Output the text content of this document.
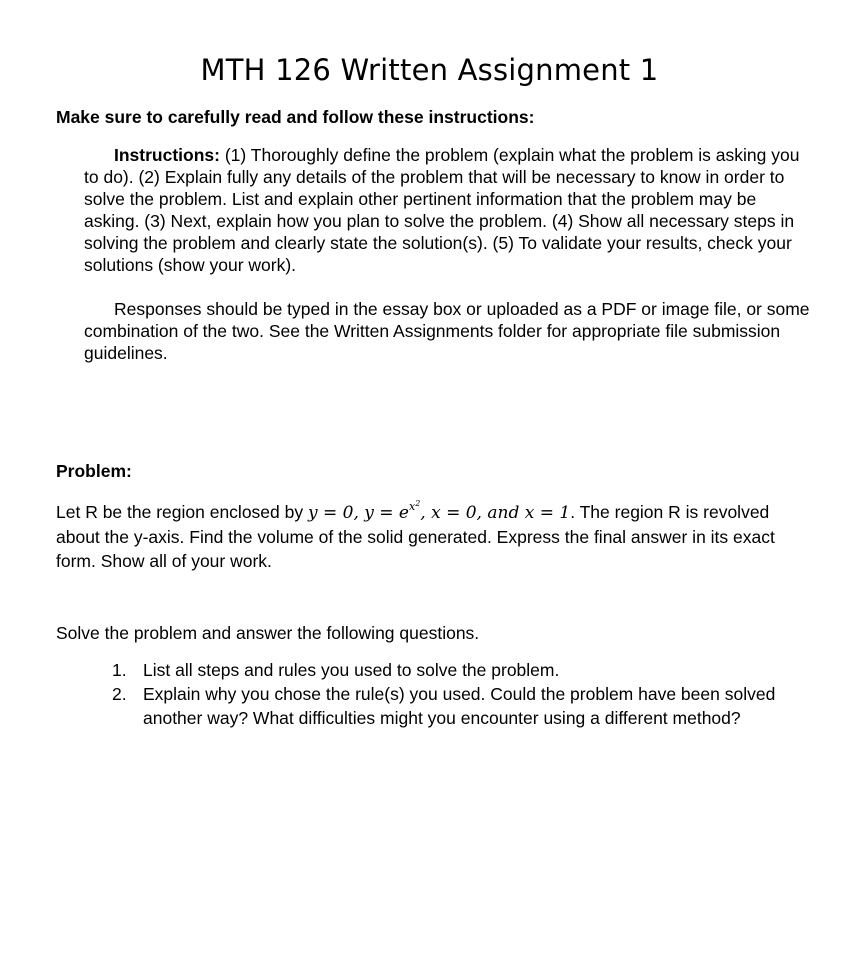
MTH 126 Written Assignment 1
Make sure to carefully read and follow these instructions:
Instructions: (1) Thoroughly define the problem (explain what the problem is asking you to do). (2) Explain fully any details of the problem that will be necessary to know in order to solve the problem. List and explain other pertinent information that the problem may be asking. (3) Next, explain how you plan to solve the problem. (4) Show all necessary steps in solving the problem and clearly state the solution(s). (5) To validate your results, check your solutions (show your work).
Responses should be typed in the essay box or uploaded as a PDF or image file, or some combination of the two. See the Written Assignments folder for appropriate file submission guidelines.
Problem:
Let R be the region enclosed by y = 0, $y = e^{x^2}$, x = 0, and x = 1. The region R is revolved about the y-axis. Find the volume of the solid generated. Express the final answer in its exact form. Show all of your work.
Solve the problem and answer the following questions.
1. List all steps and rules you used to solve the problem.
2. Explain why you chose the rule(s) you used. Could the problem have been solved another way? What difficulties might you encounter using a different method?
